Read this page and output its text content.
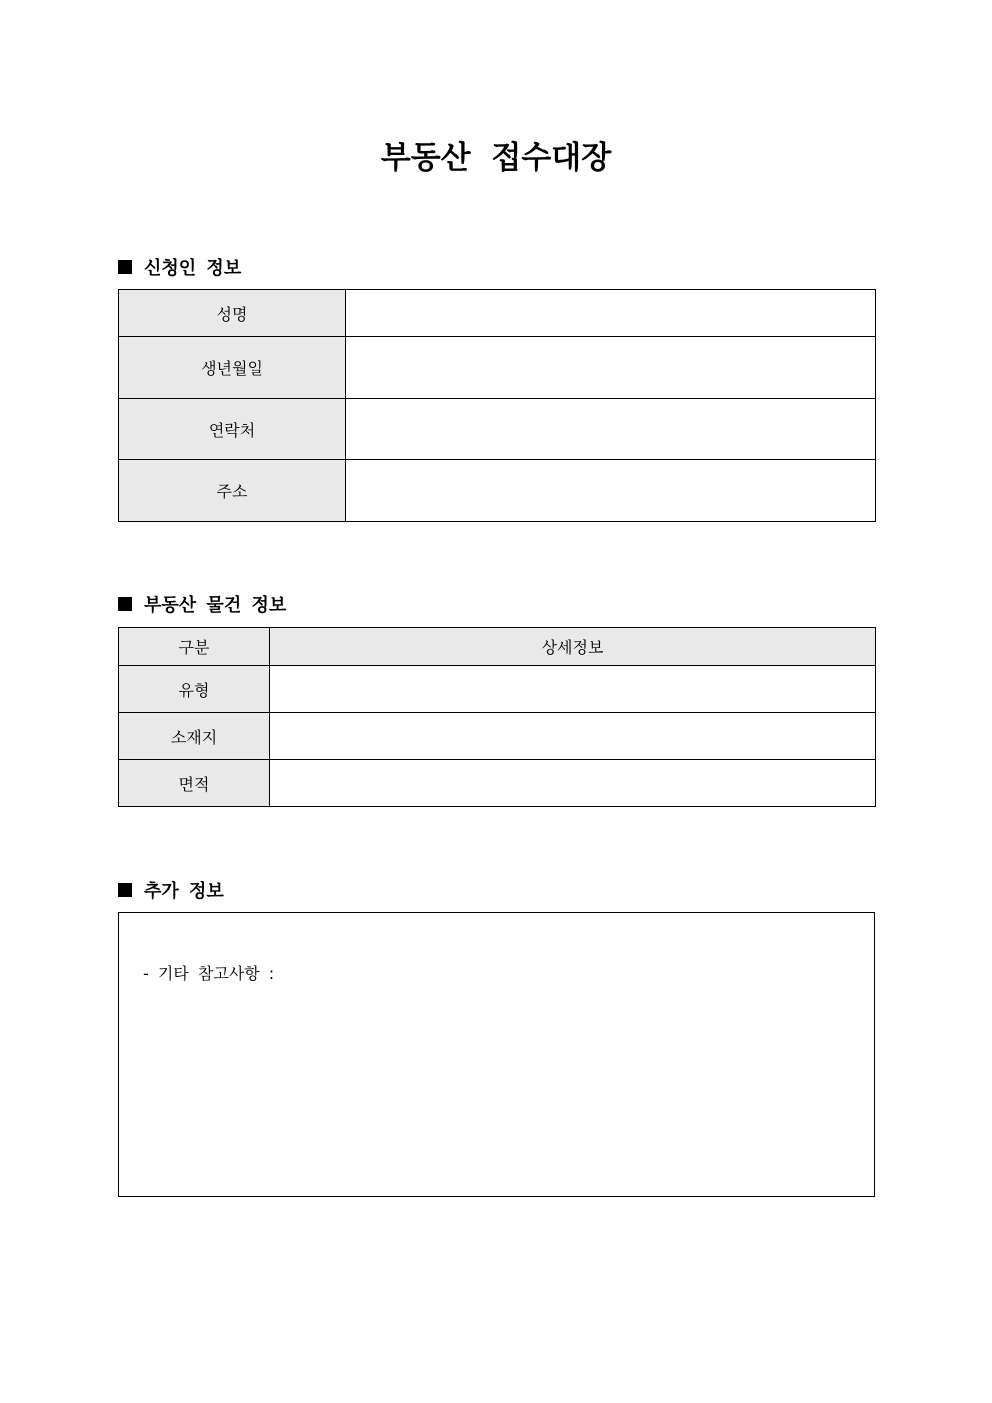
부동산 접수대장
신청인 정보
성명	
생년월일	
연락처	
주소	
부동산 물건 정보
구분	상세정보
유형	
소재지	
면적	
추가 정보
- 기타 참고사항 :
